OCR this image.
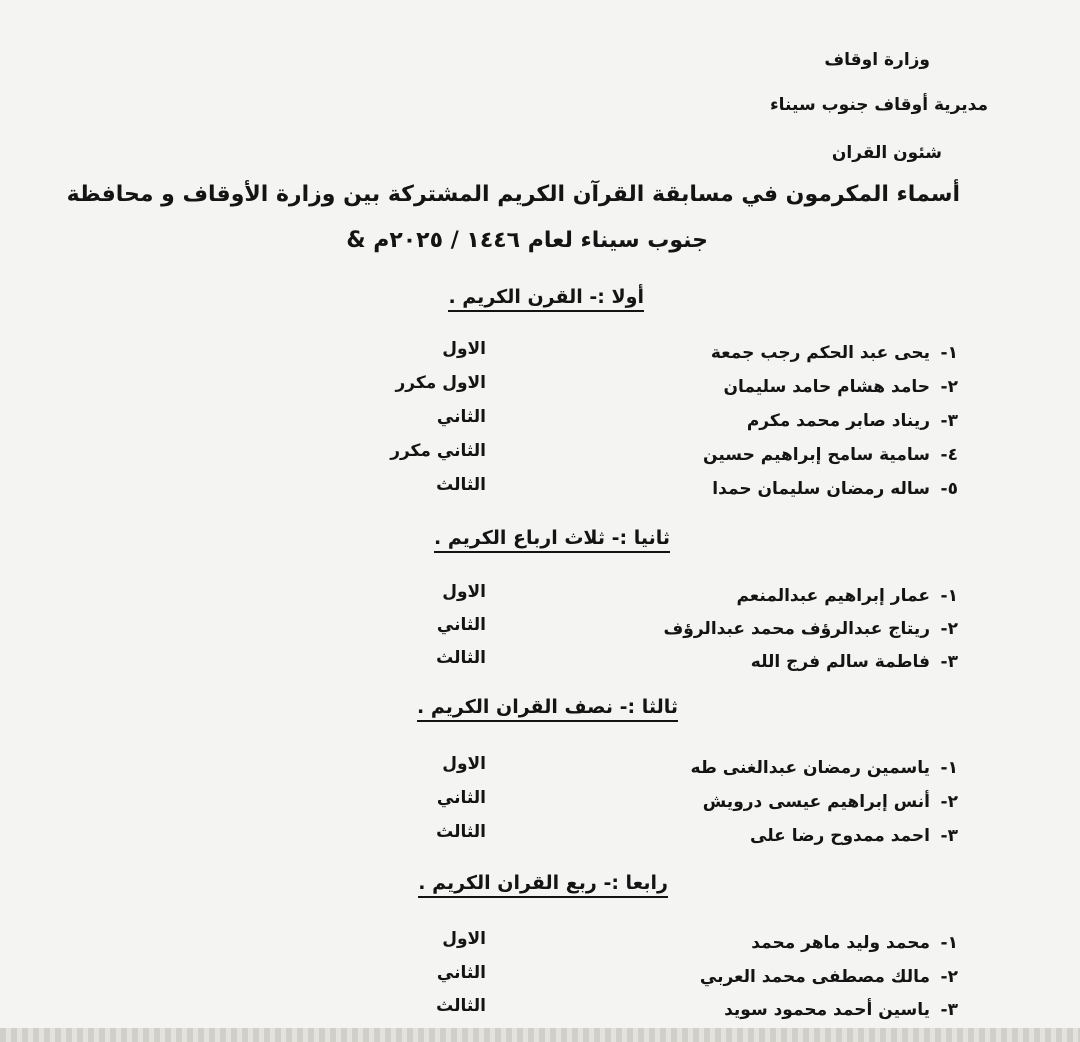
وزارة اوقاف
مديرية أوقاف جنوب سيناء
شئون القران
أسماء المكرمون في مسابقة القرآن الكريم المشتركة بين وزارة الأوقاف و محافظة
جنوب سيناء لعام ١٤٤٦ / ٢٠٢٥م &
أولا :- القرن الكريم .
١-
يحى عبد الحكم رجب جمعة
الاول
٢-
حامد هشام حامد سليمان
الاول مكرر
٣-
ريناد صابر محمد مكرم
الثاني
٤-
سامية سامح إبراهيم حسين
الثاني مكرر
٥-
ساله رمضان سليمان حمدا
الثالث
ثانيا :- ثلاث ارباع الكريم .
١-
عمار إبراهيم عبدالمنعم
الاول
٢-
ريتاج عبدالرؤف محمد عبدالرؤف
الثاني
٣-
فاطمة سالم فرج الله
الثالث
ثالثا :- نصف القران الكريم .
١-
ياسمين رمضان عبدالغنى طه
الاول
٢-
أنس إبراهيم عيسى درويش
الثاني
٣-
احمد ممدوح رضا على
الثالث
رابعا :- ربع القران الكريم .
١-
محمد وليد ماهر محمد
الاول
٢-
مالك مصطفى محمد العربي
الثاني
٣-
ياسين أحمد محمود سويد
الثالث
